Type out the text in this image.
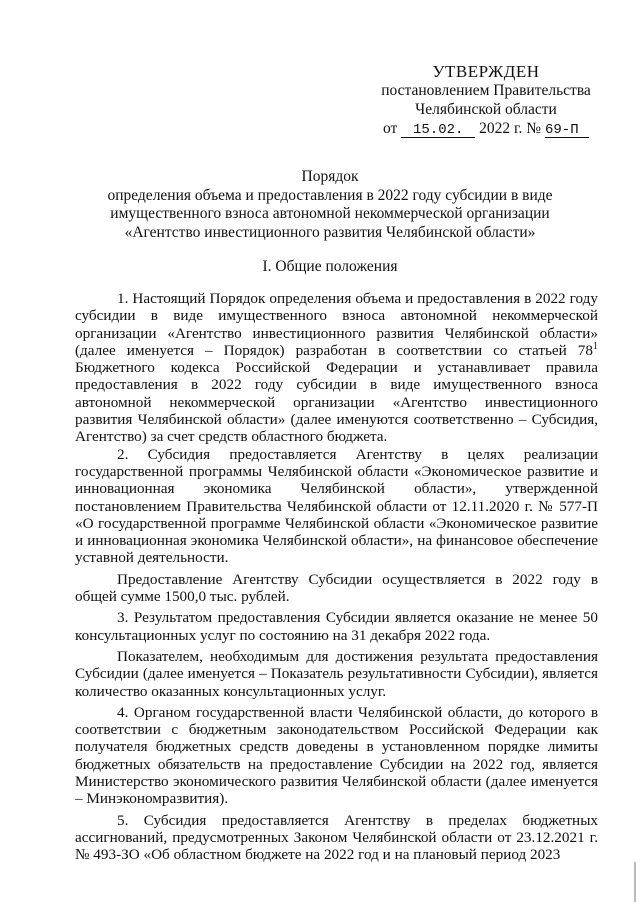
УТВЕРЖДЕН
постановлением Правительства
Челябинской области
от 15.02. 2022 г. № 69-П
Порядок
определения объема и предоставления в 2022 году субсидии в виде
имущественного взноса автономной некоммерческой организации
«Агентство инвестиционного развития Челябинской области»
I. Общие положения

1. Настоящий Порядок определения объема и предоставления в 2022 году субсидии в виде имущественного взноса автономной некоммерческой организации «Агентство инвестиционного развития Челябинской области» (далее именуется – Порядок) разработан в соответствии со статьей $78^1$ Бюджетного кодекса Российской Федерации и устанавливает правила предоставления в 2022 году субсидии в виде имущественного взноса автономной некоммерческой организации «Агентство инвестиционного развития Челябинской области» (далее именуются соответственно – Субсидия, Агентство) за счет средств областного бюджета.

2. Субсидия предоставляется Агентству в целях реализации государственной программы Челябинской области «Экономическое развитие и инновационная экономика Челябинской области», утвержденной постановлением Правительства Челябинской области от 12.11.2020 г. № 577-П «О государственной программе Челябинской области «Экономическое развитие и инновационная экономика Челябинской области», на финансовое обеспечение уставной деятельности.

Предоставление Агентству Субсидии осуществляется в 2022 году в общей сумме 1500,0 тыс. рублей.

3. Результатом предоставления Субсидии является оказание не менее 50 консультационных услуг по состоянию на 31 декабря 2022 года.

Показателем, необходимым для достижения результата предоставления Субсидии (далее именуется – Показатель результативности Субсидии), является количество оказанных консультационных услуг.

4. Органом государственной власти Челябинской области, до которого в соответствии с бюджетным законодательством Российской Федерации как получателя бюджетных средств доведены в установленном порядке лимиты бюджетных обязательств на предоставление Субсидии на 2022 год, является Министерство экономического развития Челябинской области (далее именуется – Минэкономразвития).

5. Субсидия предоставляется Агентству в пределах бюджетных ассигнований, предусмотренных Законом Челябинской области от 23.12.2021 г. № 493-ЗО «Об областном бюджете на 2022 год и на плановый период 2023
